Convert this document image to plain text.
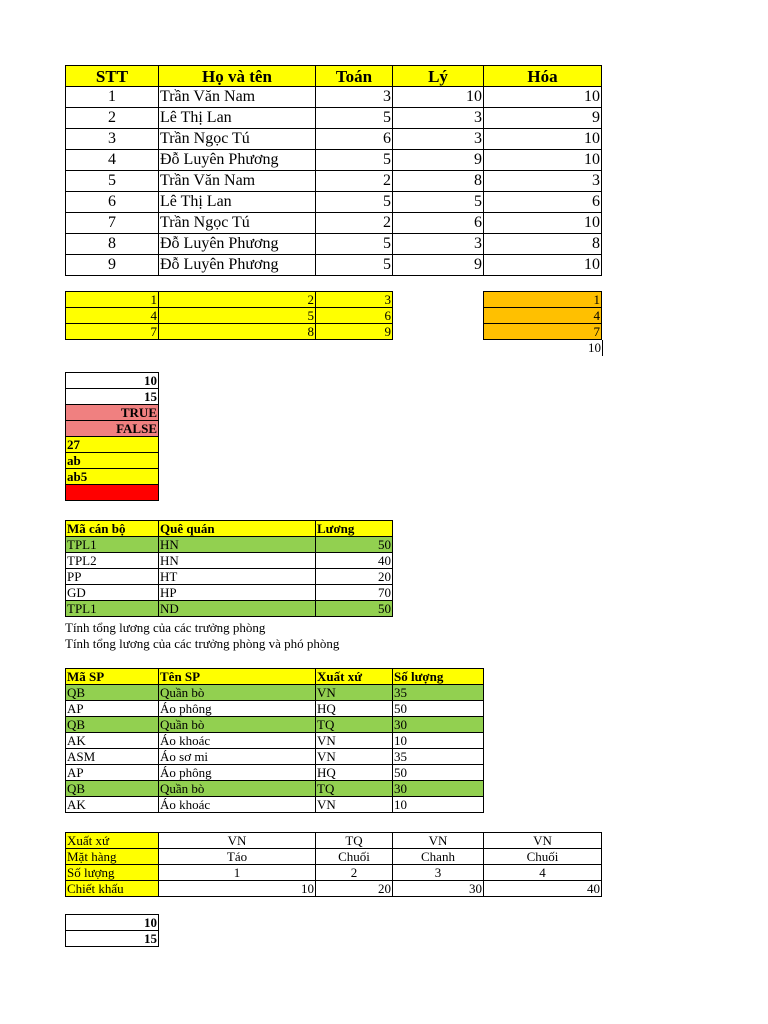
STT	Họ và tên	Toán	Lý	Hóa
1	Trần Văn Nam	3	10	10
2	Lê Thị Lan	5	3	9
3	Trần Ngọc Tú	6	3	10
4	Đỗ Luyên Phương	5	9	10
5	Trần Văn Nam	2	8	3
6	Lê Thị Lan	5	5	6
7	Trần Ngọc Tú	2	6	10
8	Đỗ Luyên Phương	5	3	8
9	Đỗ Luyên Phương	5	9	10
1	2	3
4	5	6
7	8	9
1
4
7
10
10
15
TRUE
FALSE
27
ab
ab5

Mã cán bộ	Quê quán	Lương
TPL1	HN	50
TPL2	HN	40
PP	HT	20
GD	HP	70
TPL1	ND	50
Tính tổng lương của các trưởng phòng
Tính tổng lương của các trưởng phòng và phó phòng
Mã SP	Tên SP	Xuất xứ	Số lượng
QB	Quần bò	VN	35
AP	Áo phông	HQ	50
QB	Quần bò	TQ	30
AK	Áo khoác	VN	10
ASM	Áo sơ mi	VN	35
AP	Áo phông	HQ	50
QB	Quần bò	TQ	30
AK	Áo khoác	VN	10
Xuất xứ	VN	TQ	VN	VN
Mặt hàng	Táo	Chuối	Chanh	Chuối
Số lượng	1	2	3	4
Chiết khấu	10	20	30	40
10
15
